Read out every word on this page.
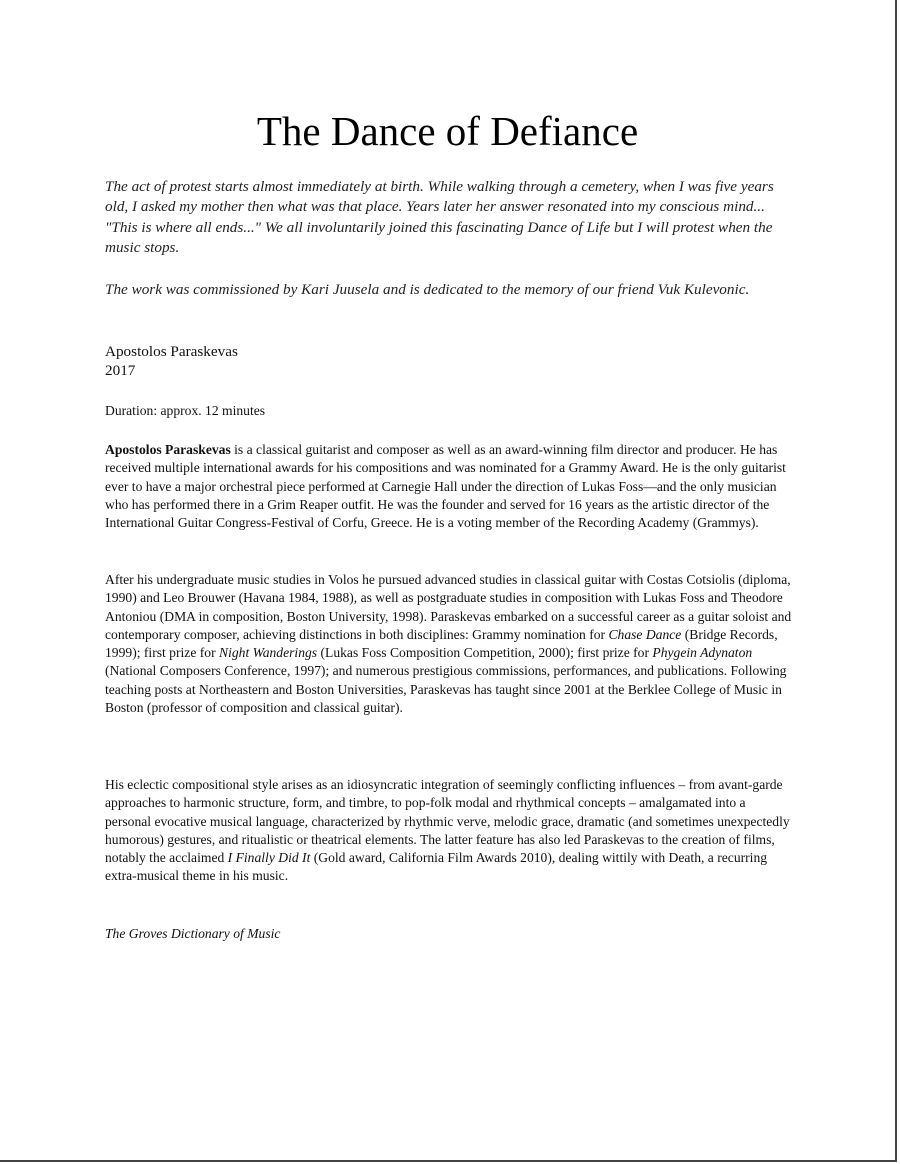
The Dance of Defiance

The act of protest starts almost immediately at birth. While walking through a cemetery, when I was five years old, I asked my mother then what was that place. Years later her answer resonated into my conscious mind... "This is where all ends..." We all involuntarily joined this fascinating Dance of Life but I will protest when the music stops.

The work was commissioned by Kari Juusela and is dedicated to the memory of our friend Vuk Kulevonic.

Apostolos Paraskevas
2017
Duration: approx. 12 minutes

Apostolos Paraskevas is a classical guitarist and composer as well as an award-winning film director and producer. He has received multiple international awards for his compositions and was nominated for a Grammy Award. He is the only guitarist ever to have a major orchestral piece performed at Carnegie Hall under the direction of Lukas Foss—and the only musician who has performed there in a Grim Reaper outfit. He was the founder and served for 16 years as the artistic director of the International Guitar Congress-Festival of Corfu, Greece. He is a voting member of the Recording Academy (Grammys).

After his undergraduate music studies in Volos he pursued advanced studies in classical guitar with Costas Cotsiolis (diploma, 1990) and Leo Brouwer (Havana 1984, 1988), as well as postgraduate studies in composition with Lukas Foss and Theodore Antoniou (DMA in composition, Boston University, 1998). Paraskevas embarked on a successful career as a guitar soloist and contemporary composer, achieving distinctions in both disciplines: Grammy nomination for Chase Dance (Bridge Records, 1999); first prize for Night Wanderings (Lukas Foss Composition Competition, 2000); first prize for Phygein Adynaton (National Composers Conference, 1997); and numerous prestigious commissions, performances, and publications. Following teaching posts at Northeastern and Boston Universities, Paraskevas has taught since 2001 at the Berklee College of Music in Boston (professor of composition and classical guitar).

His eclectic compositional style arises as an idiosyncratic integration of seemingly conflicting influences – from avant-garde approaches to harmonic structure, form, and timbre, to pop-folk modal and rhythmical concepts – amalgamated into a personal evocative musical language, characterized by rhythmic verve, melodic grace, dramatic (and sometimes unexpectedly humorous) gestures, and ritualistic or theatrical elements. The latter feature has also led Paraskevas to the creation of films, notably the acclaimed I Finally Did It (Gold award, California Film Awards 2010), dealing wittily with Death, a recurring extra-musical theme in his music.

The Groves Dictionary of Music
